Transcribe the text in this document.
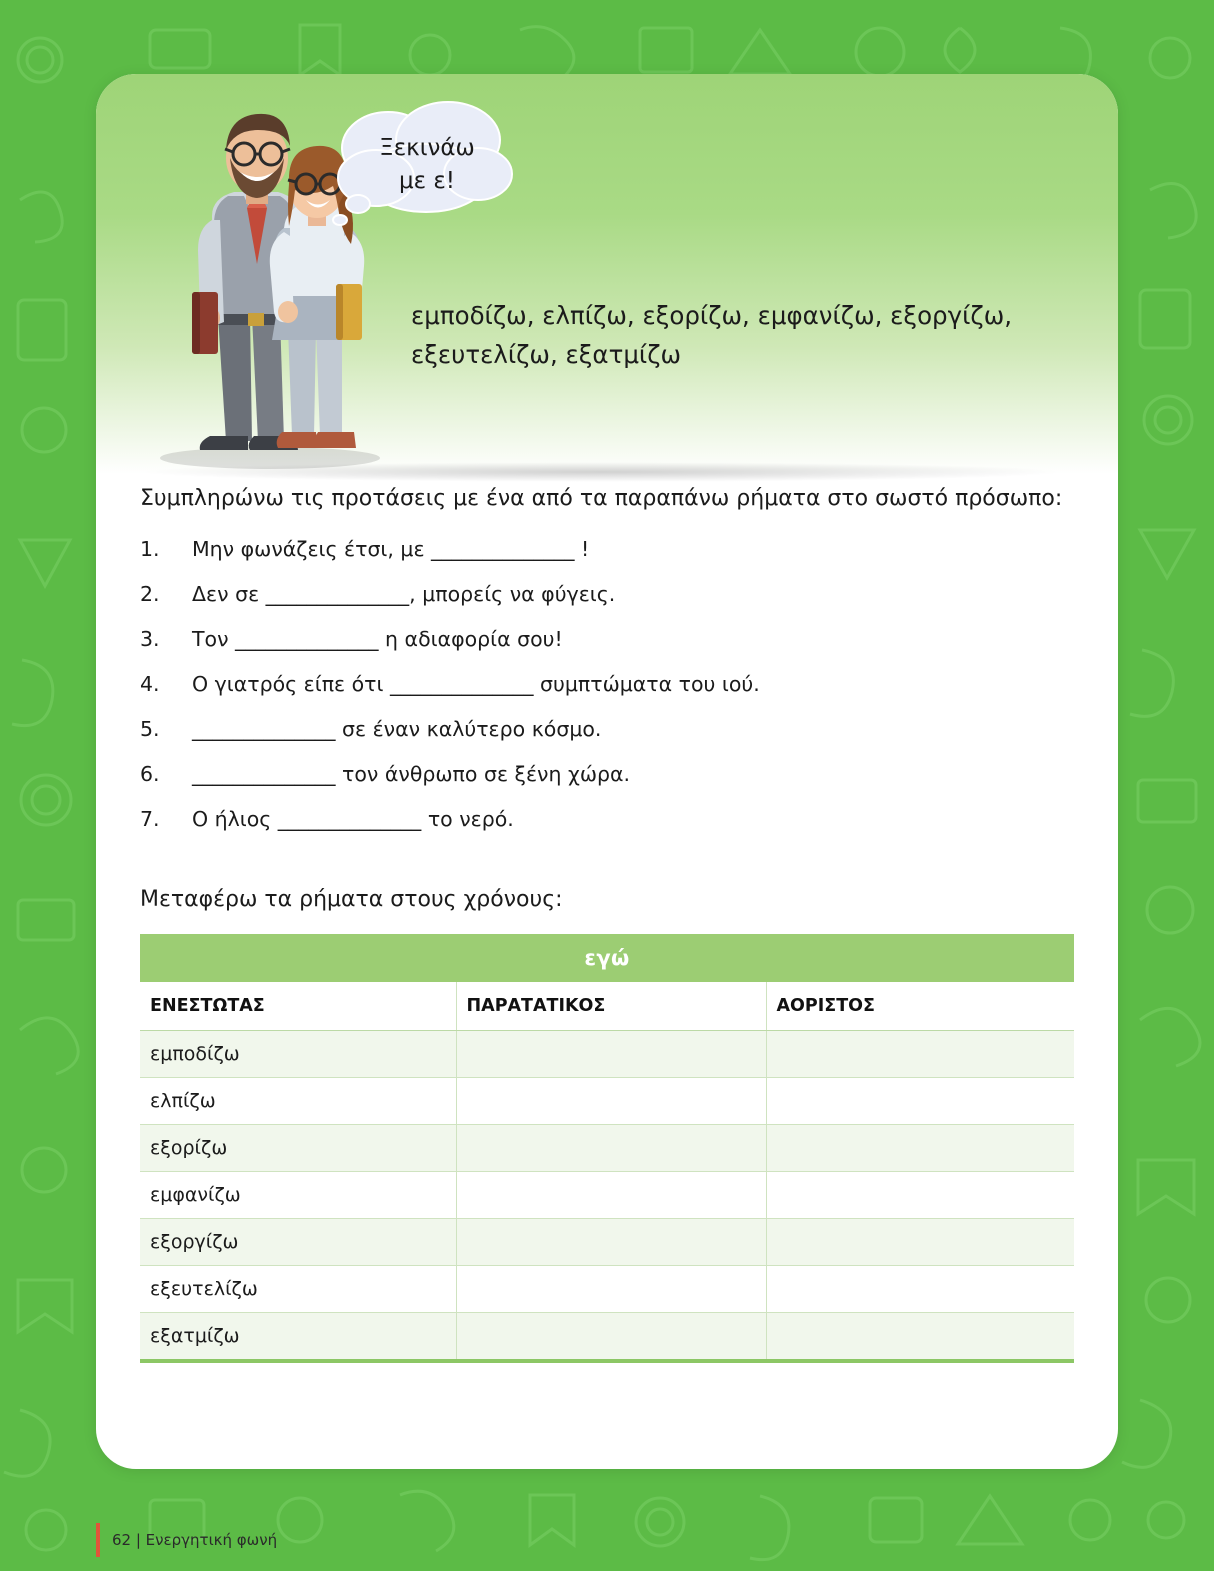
Ξεκινάω
με ε!
εμποδίζω, ελπίζω, εξορίζω, εμφανίζω, εξοργίζω, εξευτελίζω, εξατμίζω

Συμπληρώνω τις προτάσεις με ένα από τα παραπάνω ρήματα στο σωστό πρόσωπο:

1.	Μην φωνάζεις έτσι, με ______________ !
2.	Δεν σε ______________, μπορείς να φύγεις.
3.	Τον ______________ η αδιαφορία σου!
4.	Ο γιατρός είπε ότι ______________ συμπτώματα του ιού.
5.	______________ σε έναν καλύτερο κόσμο.
6.	______________ τον άνθρωπο σε ξένη χώρα.
7.	Ο ήλιος ______________ το νερό.

Μεταφέρω τα ρήματα στους χρόνους:

εγώ		
ΕΝΕΣΤΩΤΑΣ	ΠΑΡΑΤΑΤΙΚΟΣ	ΑΟΡΙΣΤΟΣ
εμποδίζω		
ελπίζω		
εξορίζω		
εμφανίζω		
εξοργίζω		
εξευτελίζω		
εξατμίζω		
62 | Ενεργητική φωνή
